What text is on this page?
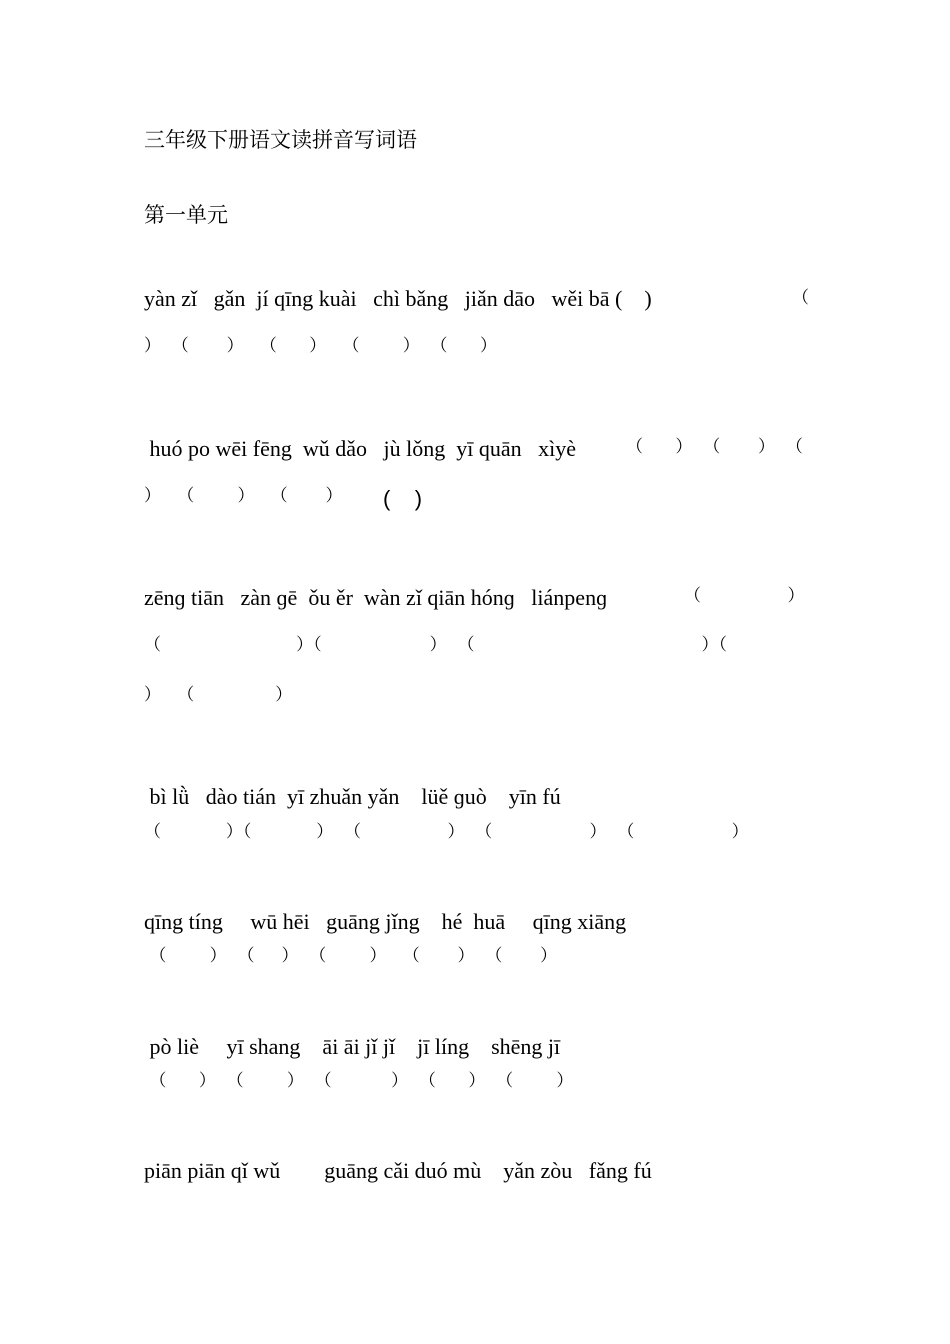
三年级下册语文读拼音写词语
第一单元
yàn zǐ   gǎn  jí qīng kuài   chì bǎng   jiǎn dāo   wěi bā (    )	（
）  （       ）   （      ）   （        ）  （      ）
huó po wēi fēng  wǔ dǎo   jù lǒng  yī quān   xìyè	（      ）  （       ）  （
）   （        ）   （       ） (    )
zēnɡ tiān   zàn ɡē  ǒu ěr  wàn zǐ qiān hónɡ   liánpenɡ	（                ）
（                         ）（                    ）  （                                          ）（
）   （               ）
bì lǜ   dào tián  yī zhuǎn yǎn    lüě ɡuò    yīn fú
（            ）（            ）  （                ）  （                  ）  （                  ）
qīng tíng     wū hēi   guāng jǐng    hé  huā     qīng xiāng
（        ）  （     ）  （        ）   （       ）  （       ）
pò liè     yī shang    āi āi jǐ jǐ    jī líng    shēng jī
（      ）  （        ）  （           ）  （      ）  （        ）
piān piān qǐ wǔ        guāng cǎi duó mù    yǎn zòu   fǎng fú
